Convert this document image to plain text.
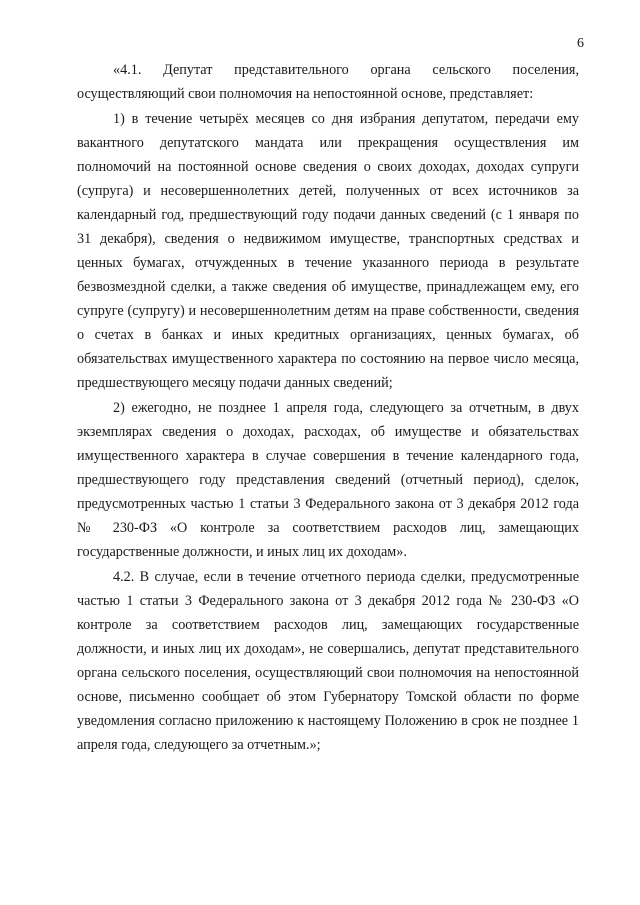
6

«4.1. Депутат представительного органа сельского поселения, осуществляющий свои полномочия на непостоянной основе, представляет:

1) в течение четырёх месяцев со дня избрания депутатом, передачи ему вакантного депутатского мандата или прекращения осуществления им полномочий на постоянной основе сведения о своих доходах, доходах супруги (супруга) и несовершеннолетних детей, полученных от всех источников за календарный год, предшествующий году подачи данных сведений (с 1 января по 31 декабря), сведения о недвижимом имуществе, транспортных средствах и ценных бумагах, отчужденных в течение указанного периода в результате безвозмездной сделки, а также сведения об имуществе, принадлежащем ему, его супруге (супругу) и несовершеннолетним детям на праве собственности, сведения о счетах в банках и иных кредитных организациях, ценных бумагах, об обязательствах имущественного характера по состоянию на первое число месяца, предшествующего месяцу подачи данных сведений;

2) ежегодно, не позднее 1 апреля года, следующего за отчетным, в двух экземплярах сведения о доходах, расходах, об имуществе и обязательствах имущественного характера в случае совершения в течение календарного года, предшествующего году представления сведений (отчетный период), сделок, предусмотренных частью 1 статьи 3 Федерального закона от 3 декабря 2012 года № 230-ФЗ «О контроле за соответствием расходов лиц, замещающих государственные должности, и иных лиц их доходам».

4.2. В случае, если в течение отчетного периода сделки, предусмотренные частью 1 статьи 3 Федерального закона от 3 декабря 2012 года № 230-ФЗ «О контроле за соответствием расходов лиц, замещающих государственные должности, и иных лиц их доходам», не совершались, депутат представительного органа сельского поселения, осуществляющий свои полномочия на непостоянной основе, письменно сообщает об этом Губернатору Томской области по форме уведомления согласно приложению к настоящему Положению в срок не позднее 1 апреля года, следующего за отчетным.»;
